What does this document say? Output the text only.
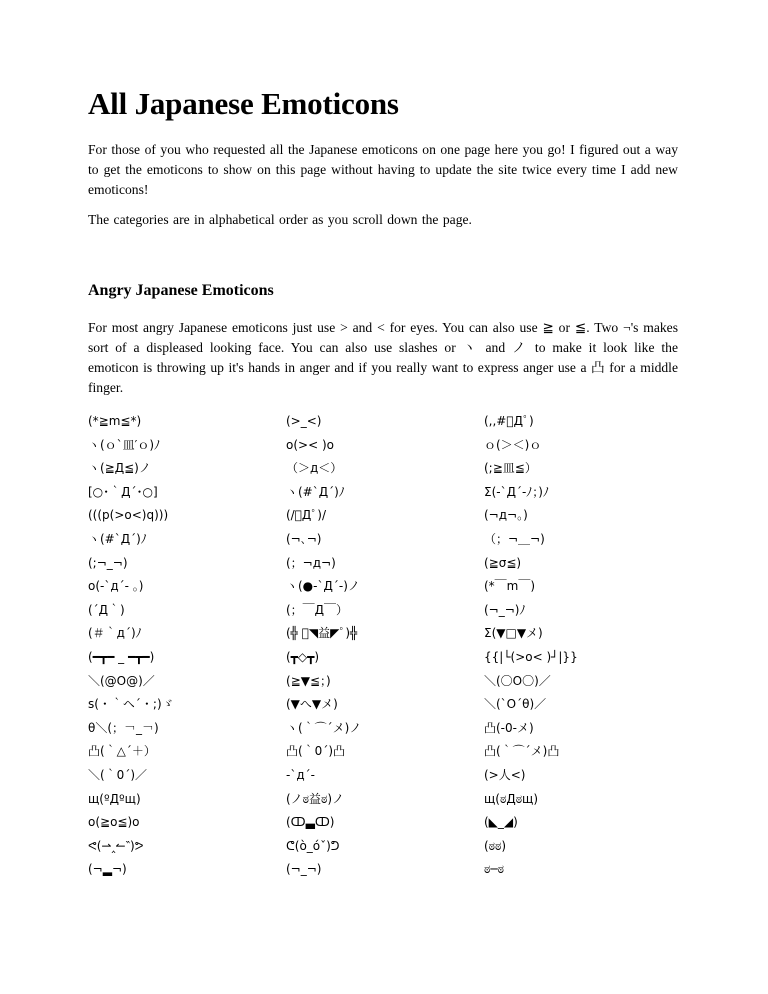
All Japanese Emoticons

For those of you who requested all the Japanese emoticons on one page here you go! I figured out a way to get the emoticons to show on this page without having to update the site twice every time I add new emoticons!

The categories are in alphabetical order as you scroll down the page.

Angry Japanese Emoticons

For most angry Japanese emoticons just use > and < for eyes. You can also use ≧ or ≦. Two ¬'s makes sort of a displeased looking face. You can also use slashes or ヽ and ノ to make it look like the emoticon is throwing up it's hands in anger and if you really want to express anger use a 凸 for a middle finger.

(*≧m≦*)	(>_<)	(,,#ﾟДﾟ)
ヽ(ｏ`皿′ｏ)ﾉ	o(>< )o	ｏ(＞＜)ｏ
ヽ(≧Д≦)ノ	（＞д＜）	(;≧皿≦）
[○･｀Д´･○]	ヽ(#`Д´)ﾉ	Σ(-`Д´-ﾉ；)ﾉ
(((p(>o<)q)))	(/ﾟДﾟ)/	(¬д¬。)
ヽ(#`Д´)ﾉ	(¬､¬)	（；¬＿¬)
(;¬_¬)	(；¬д¬)	(≧σ≦)
o(-`д´- ｡)	ヽ(●-`Д´-)ノ	(*￣m￣)
(´Д｀)	(；￣Д￣）	(¬_¬)ﾉ
(＃｀д´)ﾉ	(╬ ﾟ◥益◤ﾟ)╬	Σ(▼□▼メ)
(━┳━ _ ━┳━)	(┳◇┳)	{{|└(>o< )┘|}}
＼(@O@)／	(≧▼≦；)	＼(〇O〇)／
s(・｀ヘ´・;)ゞ	(▼へ▼メ)	＼(`O´θ)／
θ＼(；￢_￢)	ヽ(｀⌒´メ)ノ	凸(-0-メ)
凸(｀△´＋）	凸(｀0´)凸	凸(｀⌒´メ)凸
＼(｀0´)／	-`д´-	(>人<)
щ(ºДºщ)	(ノಠ益ಠ)ノ	щ(ಠДಠщ)
o(≧o≦)o	(ↀ▃ↀ)	(◣_◢)
ᕙ(⇀‸↼‶)ᕗ	ᕦ(ò_óˇ)ᕤ	(ಠಠ)
(¬▂¬)	(¬_¬)	ಠ─ಠ
